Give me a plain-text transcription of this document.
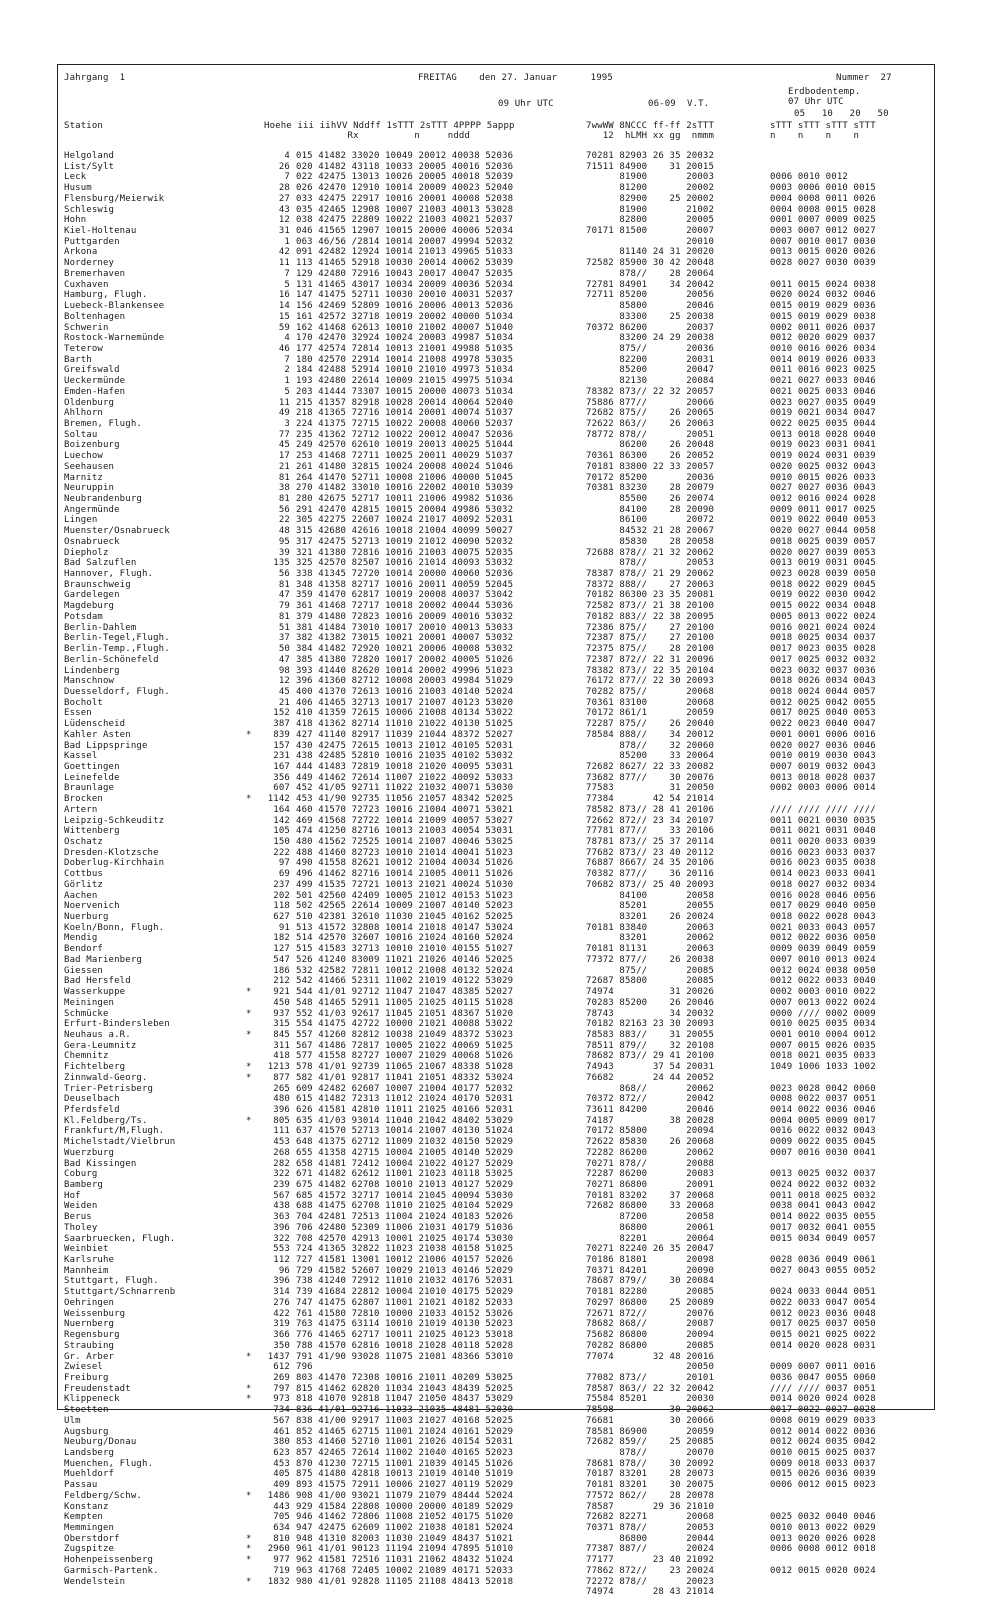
Jahrgang  1	FREITAG    den 27. Januar      1995	Nummer  27
Erdbodentemp.
07 Uhr UTC
09 Uhr UTC	06-09  V.T.
05   10   20   50
Station	Hoehe iii iihVV Nddff 1sTTT 2sTTT 4PPPP 5appp	7wwWW 8NCCC ff-ff 2sTTT	sTTT sTTT sTTT sTTT
Rx          n     nddd	12  hLMH xx gg  nmmm	n    n    n    n
Helgoland	4 015 41482 33020 10049 20012 40038 52036	70281 82903 26 35 20032
List/Sylt	26 020 41482 43118 10033 20005 40016 52036	71511 84900    31 20015
Leck	7 022 42475 13013 10026 20005 40018 52039	81900       20003	0006 0010 0012
Husum	28 026 42470 12910 10014 20009 40023 52040	81200       20002	0003 0006 0010 0015
Flensburg/Meierwik	27 033 42475 22917 10016 20001 40008 52038	82900    25 20002	0004 0008 0011 0026
Schleswig	43 035 42465 12908 10007 21003 40013 53028	81900       21002	0004 0008 0015 0028
Hohn	12 038 42475 22809 10022 21003 40021 52037	82800       20005	0001 0007 0009 0025
Kiel-Holtenau	31 046 41565 12907 10015 20000 40006 52034	70171 81500       20007	0003 0007 0012 0027
Puttgarden	1 063 46/56 /2814 10014 20007 49994 52032	20010	0007 0010 0017 0030
Arkona	42 091 42482 12924 10014 21013 49965 51033	81140 24 31 20020	0013 0015 0020 0026
Norderney	11 113 41465 52918 10030 20014 40062 53039	72582 85900 30 42 20048	0028 0027 0030 0039
Bremerhaven	7 129 42480 72916 10043 20017 40047 52035	878//    28 20064
Cuxhaven	5 131 41465 43017 10034 20009 40036 52034	72781 84901    34 20042	0011 0015 0024 0038
Hamburg, Flugh.	16 147 41475 52711 10030 20010 40031 52037	72711 85200       20056	0020 0024 0032 0046
Luebeck-Blankensee	14 156 42469 52809 10016 20006 40013 52036	85800       20046	0015 0019 0029 0036
Boltenhagen	15 161 42572 32718 10019 20002 40000 51034	83300    25 20038	0015 0019 0029 0038
Schwerin	59 162 41468 62613 10010 21002 40007 51040	70372 86200       20037	0002 0011 0026 0037
Rostock-Warnemünde	4 170 42470 32924 10024 20003 49987 51034	83200 24 29 20038	0012 0020 0029 0037
Teterow	46 177 42574 72814 10013 21001 49988 51035	875//       20036	0010 0016 0026 0034
Barth	7 180 42570 22914 10014 21008 49978 53035	82200       20031	0014 0019 0026 0033
Greifswald	2 184 42488 52914 10010 21010 49973 51034	85200       20047	0011 0016 0023 0025
Ueckermünde	1 193 42480 22614 10009 21015 49975 51034	82130       20084	0021 0027 0033 0046
Emden-Hafen	5 203 41444 73307 10015 20000 40073 51034	78382 873// 22 32 20057	0021 0025 0033 0046
Oldenburg	11 215 41357 82918 10028 20014 40064 52040	75886 877//       20066	0023 0027 0035 0049
Ahlhorn	49 218 41365 72716 10014 20001 40074 51037	72682 875//    26 20065	0019 0021 0034 0047
Bremen, Flugh.	3 224 41375 72715 10022 20008 40060 52037	72622 863//    26 20063	0022 0025 0035 0044
Soltau	77 235 41362 72712 10022 20012 40047 52036	78772 878//       20051	0013 0018 0028 0040
Boizenburg	45 249 42570 62610 10019 20013 40025 51044	86200    26 20048	0019 0023 0031 0041
Luechow	17 253 41468 72711 10025 20011 40029 51037	70361 86300    26 20052	0019 0024 0031 0039
Seehausen	21 261 41480 32815 10024 20008 40024 51046	70181 83800 22 33 20057	0020 0025 0032 0043
Marnitz	81 264 41470 52711 10008 21006 40000 51045	70172 85200       20036	0010 0015 0026 0033
Neuruppin	38 270 41482 33010 10016 22002 40010 53039	70381 83230    28 20079	0027 0027 0036 0043
Neubrandenburg	81 280 42675 52717 10011 21006 49982 51036	85500    26 20074	0012 0016 0024 0028
Angermünde	56 291 42470 42815 10015 20004 49986 53032	84100    28 20090	0009 0011 0017 0025
Lingen	22 305 42275 22607 10024 21017 40092 52031	86100       20072	0019 0022 0040 0053
Muenster/Osnabrueck	48 315 42680 42616 10018 21004 40099 50027	84532 21 28 20067	0020 0027 0044 0058
Osnabrueck	95 317 42475 52713 10019 21012 40090 52032	85830    28 20058	0018 0025 0039 0057
Diepholz	39 321 41380 72816 10016 21003 40075 52035	72688 878// 21 32 20062	0020 0027 0039 0053
Bad Salzuflen	135 325 42570 82507 10016 21014 40093 53032	878//       20053	0013 0019 0031 0045
Hannover, Flugh.	56 338 41345 72720 10014 20000 40060 52036	78387 878// 21 29 20062	0023 0028 0039 0050
Braunschweig	81 348 41358 82717 10016 20011 40059 52045	78372 888//    27 20063	0018 0022 0029 0045
Gardelegen	47 359 41470 62817 10019 20008 40037 53042	70182 86300 23 35 20081	0019 0022 0030 0042
Magdeburg	79 361 41468 72717 10018 20002 40044 53036	72582 873// 21 38 20100	0015 0022 0034 0048
Potsdam	81 379 41480 72823 10016 20009 40016 53032	70182 883// 22 38 20095	0005 0013 0022 0024
Berlin-Dahlem	51 381 41484 73010 10017 20010 40013 53033	72386 875//    27 20100	0016 0021 0024 0024
Berlin-Tegel,Flugh.	37 382 41382 73015 10021 20001 40007 53032	72387 875//    27 20100	0018 0025 0034 0037
Berlin-Temp.,Flugh.	50 384 41482 72920 10021 20006 40008 53032	72375 875//    28 20100	0017 0023 0035 0028
Berlin-Schönefeld	47 385 41380 72820 10017 20002 40005 51026	72387 872// 22 31 20096	0017 0025 0032 0032
Lindenberg	98 393 41440 82620 10014 20002 49996 51023	78382 873// 22 35 20104	0023 0032 0037 0036
Manschnow	12 396 41360 82712 10008 20003 49984 51029	76172 877// 22 30 20093	0018 0026 0034 0043
Duesseldorf, Flugh.	45 400 41370 72613 10016 21003 40140 52024	70282 875//       20068	0018 0024 0044 0057
Bocholt	21 406 41465 32713 10017 21007 40123 53020	70361 83100       20068	0012 0025 0042 0055
Essen	152 410 41359 72615 10006 21008 40134 53022	70172 861/1       20059	0017 0025 0040 0053
Lüdenscheid	387 418 41362 82714 11010 21022 40130 51025	72287 875//    26 20040	0022 0023 0040 0047
Kahler Asten	*	839 427 41140 82917 11039 21044 48372 52027	78584 888//    34 20012	0001 0001 0006 0016
Bad Lippspringe	157 430 42475 72615 10013 21012 40105 52031	878//    32 20060	0020 0027 0036 0046
Kassel	231 438 42485 52810 10016 21035 40102 53032	85200    33 20064	0010 0019 0030 0043
Goettingen	167 444 41483 72819 10018 21020 40095 53031	72682 8627/ 22 33 20082	0007 0019 0032 0043
Leinefelde	356 449 41462 72614 11007 21022 40092 53033	73682 877//    30 20076	0013 0018 0028 0037
Braunlage	607 452 41/05 92711 11022 21032 40071 53030	77583          31 20050	0002 0003 0006 0014
Brocken	*	1142 453 41/90 92735 11056 21057 48342 52025	77384       42 54 21014
Artern	164 460 41570 72723 10016 21004 40071 53021	78582 873// 28 41 20106	//// //// //// ////
Leipzig-Schkeuditz	142 469 41568 72722 10014 21009 40057 53027	72662 872// 23 34 20107	0011 0021 0030 0035
Wittenberg	105 474 41250 82716 10013 21003 40054 53031	77781 877//    33 20106	0011 0021 0031 0040
Oschatz	150 480 41562 72525 10014 21007 40046 53025	78781 873// 25 37 20114	0011 0020 0033 0039
Dresden-Klotzsche	222 488 41460 82723 10010 21014 40041 51023	77682 873// 23 40 20112	0016 0023 0033 0037
Doberlug-Kirchhain	97 490 41558 82621 10012 21004 40034 51026	76887 8667/ 24 35 20106	0016 0023 0035 0038
Cottbus	69 496 41462 82716 10014 21005 40011 51026	70382 877//    36 20116	0014 0023 0033 0041
Görlitz	237 499 41535 72721 10013 21021 40024 51030	70682 873// 25 40 20093	0018 0027 0032 0034
Aachen	202 501 42560 42409 10005 21012 40153 51023	84100       20058	0016 0028 0046 0056
Noervenich	118 502 42565 22614 10009 21007 40140 52023	85201       20055	0017 0029 0040 0050
Nuerburg	627 510 42381 32610 11030 21045 40162 52025	83201    26 20024	0018 0022 0028 0043
Koeln/Bonn, Flugh.	91 513 41572 32808 10014 21018 40147 53024	70181 83840       20063	0021 0033 0043 0057
Mendig	182 514 42570 32607 10016 21024 40160 52024	83201       20062	0012 0022 0036 0050
Bendorf	127 515 41583 32713 10010 21010 40155 51027	70181 81131       20063	0009 0039 0049 0059
Bad Marienberg	547 526 41240 83009 11021 21026 40146 52025	77372 877//    26 20038	0007 0010 0013 0024
Giessen	186 532 42582 72811 10012 21008 40132 52024	875//       20085	0012 0024 0038 0050
Bad Hersfeld	212 542 41466 52311 11002 21019 40122 53029	72687 85800       20085	0012 0022 0033 0040
Wasserkuppe	*	921 544 41/01 92712 11047 21047 48385 52027	74974          31 20026	0002 0003 0010 0022
Meiningen	450 548 41465 52911 11005 21025 40115 51028	70283 85200    26 20046	0007 0013 0022 0024
Schmücke	*	937 552 41/03 92617 11045 21051 48367 51020	78743          34 20032	0000 //// 0002 0009
Erfurt-Bindersleben	315 554 41475 42722 10000 21021 40088 53022	70182 82163 23 30 20093	0010 0025 0035 0034
Neuhaus a.R.	*	845 557 41260 82812 10038 21049 48372 53023	78583 883//    31 20055	0001 0010 0004 0012
Gera-Leumnitz	311 567 41486 72817 10005 21022 40069 51025	78511 879//    32 20108	0007 0015 0026 0035
Chemnitz	418 577 41558 82727 10007 21029 40068 51026	78682 873// 29 41 20100	0018 0021 0035 0033
Fichtelberg	*	1213 578 41/01 92739 11065 21067 48338 51028	74943       37 54 20031	1049 1006 1033 1002
Zinnwald-Georg.	*	877 582 41/01 92817 11041 21051 48332 53024	76682       24 44 20052
Trier-Petrisberg	265 609 42482 62607 10007 21004 40177 52032	868//       20062	0023 0028 0042 0060
Deuselbach	480 615 41482 72313 11012 21024 40170 52031	70372 872//       20042	0008 0022 0037 0051
Pferdsfeld	396 626 41581 42810 11011 21025 40166 52031	73611 84200       20046	0014 0022 0036 0046
Kl.Feldberg/Ts.	*	805 635 41/03 93014 11040 21042 48402 53029	74187          38 20028	0004 0005 0009 0017
Frankfurt/M,Flugh.	111 637 41570 52713 10014 21007 40130 51024	70172 85800       20094	0016 0022 0032 0043
Michelstadt/Vielbrun	453 648 41375 62712 11009 21032 40150 52029	72622 85830    26 20068	0009 0022 0035 0045
Wuerzburg	268 655 41358 42715 10004 21005 40140 52029	72282 86200       20062	0007 0016 0030 0041
Bad Kissingen	282 658 41481 72412 10004 21022 40127 52029	70271 878//       20088
Coburg	322 671 41482 62612 11001 21023 40118 53025	72287 86200       20083	0013 0025 0032 0037
Bamberg	239 675 41482 62708 10010 21013 40127 52029	70271 86800       20091	0024 0022 0032 0032
Hof	567 685 41572 32717 10014 21045 40094 53030	70181 83202    37 20068	0011 0018 0025 0032
Weiden	438 688 41475 62708 11010 21025 40104 52029	72682 86800    33 20068	0038 0041 0043 0042
Berus	363 704 42481 72513 11004 21024 40183 52026	87200       20058	0014 0022 0035 0055
Tholey	396 706 42480 52309 11006 21031 40179 51036	86800       20061	0017 0032 0041 0055
Saarbruecken, Flugh.	322 708 42570 42913 10001 21025 40174 53030	82201       20064	0015 0034 0049 0057
Weinbiet	553 724 41365 32822 11023 21038 40158 51025	70271 82240 26 35 20047
Karlsruhe	112 727 41581 13001 10012 21006 40157 52026	70186 81801       20098	0028 0036 0049 0061
Mannheim	96 729 41582 52607 10029 21013 40146 52029	70371 84201       20090	0027 0043 0055 0052
Stuttgart, Flugh.	396 738 41240 72912 11010 21032 40176 52031	78687 879//    30 20084
Stuttgart/Schnarrenb	314 739 41684 22812 10004 21010 40175 52029	70181 82280       20085	0024 0033 0044 0051
Oehringen	276 747 41475 62807 11001 21021 40182 52033	70297 86800    25 20089	0022 0033 0047 0054
Weissenburg	422 761 41580 72810 10000 21033 40152 53026	72671 872//       20076	0012 0023 0036 0048
Nuernberg	319 763 41475 63114 10010 21019 40130 52023	78682 868//       20087	0017 0025 0037 0050
Regensburg	366 776 41465 62717 10011 21025 40123 53018	75682 86800       20094	0015 0021 0025 0022
Straubing	350 788 41570 62816 10018 21028 40118 52028	70282 86800       20085	0014 0020 0028 0031
Gr. Arber	*	1437 791 41/90 93028 11075 21081 48366 53010	77074       32 48 20016
Zwiesel	612 796	20050	0009 0007 0011 0016
Freiburg	269 803 41470 72308 10016 21011 40209 53025	77082 873//       20101	0036 0047 0055 0060
Freudenstadt	*	797 815 41462 62820 11034 21043 48439 52025	78587 863// 22 32 20042	//// //// 0037 0051
Klippeneck	*	973 818 41070 92818 11047 21050 48437 53029	75584 85201       20030	0014 0020 0024 0028
Stoetten	734 836 41/01 92716 11033 21035 48481 52030	78598          30 20062	0017 0022 0027 0028
Ulm	567 838 41/00 92917 11003 21027 40168 52025	76681          30 20066	0008 0019 0029 0033
Augsburg	461 852 41465 62715 11001 21024 40161 52029	78581 86900       20059	0012 0014 0022 0036
Neuburg/Donau	380 853 41460 52710 11001 21026 40154 52031	72682 859//    25 20085	0012 0024 0035 0042
Landsberg	623 857 42465 72614 11002 21040 40165 52023	878//       20070	0010 0015 0025 0037
Muenchen, Flugh.	453 870 41230 72715 11001 21039 40145 51026	78681 878//    30 20092	0009 0018 0033 0037
Muehldorf	405 875 41480 42818 10013 21019 40140 51019	70187 83201    28 20073	0015 0026 0036 0039
Passau	409 893 41575 72911 10006 21027 40119 52029	70181 83201    30 20075	0006 0012 0015 0023
Feldberg/Schw.	*	1486 908 41/00 93021 11079 21079 48444 52024	77572 862//    28 20078
Konstanz	443 929 41584 22808 10000 20000 40189 52029	78587       29 36 21010
Kempten	705 946 41462 72806 11008 21052 40175 51020	72682 82271       20068	0025 0032 0040 0046
Memmingen	634 947 42475 62609 11002 21038 40181 52024	70371 878//       20053	0010 0013 0022 0029
Oberstdorf	*	810 948 41310 82003 11030 21049 48437 51021	86800       20044	0013 0020 0026 0028
Zugspitze	*	2960 961 41/01 90123 11194 21094 47895 51010	77387 887//       20024	0006 0008 0012 0018
Hohenpeissenberg	*	977 962 41581 72516 11031 21062 48432 51024	77177       23 40 21092
Garmisch-Partenk.	719 963 41768 72405 10002 21089 40171 52033	77862 872//    23 20024	0012 0015 0020 0024
Wendelstein	*	1832 980 41/01 92828 11105 21108 48413 52018	72272 878//       20023
74974       28 43 21014
